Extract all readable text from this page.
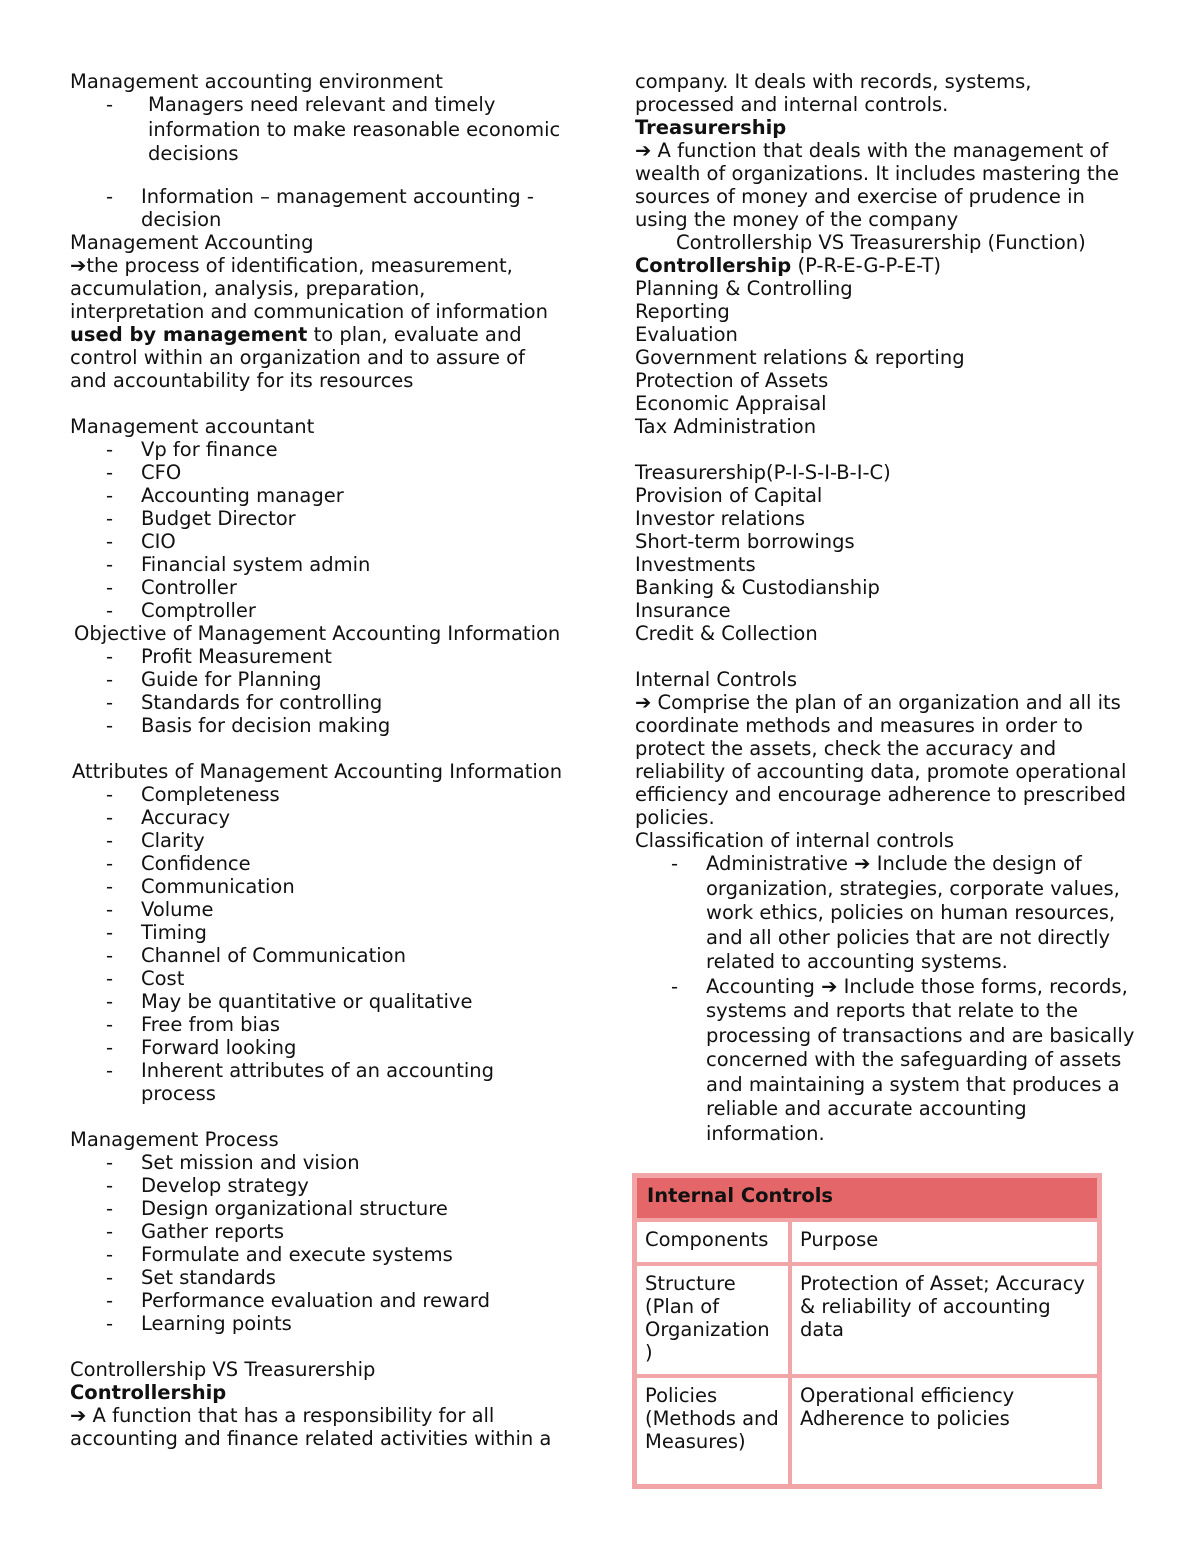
Management accounting environment
-	Managers need relevant and timely information to make reasonable economic decisions
-	Information – management accounting - decision
Management Accounting
➔the process of identification, measurement, accumulation, analysis, preparation, interpretation and communication of information used by management to plan, evaluate and control within an organization and to assure of and accountability for its resources
Management accountant
-	Vp for finance
-	CFO
-	Accounting manager
-	Budget Director
-	CIO
-	Financial system admin
-	Controller
-	Comptroller
Objective of Management Accounting Information
-	Profit Measurement
-	Guide for Planning
-	Standards for controlling
-	Basis for decision making
Attributes of Management Accounting Information
-	Completeness
-	Accuracy
-	Clarity
-	Confidence
-	Communication
-	Volume
-	Timing
-	Channel of Communication
-	Cost
-	May be quantitative or qualitative
-	Free from bias
-	Forward looking
-	Inherent attributes of an accounting process
Management Process
-	Set mission and vision
-	Develop strategy
-	Design organizational structure
-	Gather reports
-	Formulate and execute systems
-	Set standards
-	Performance evaluation and reward
-	Learning points
Controllership VS Treasurership
Controllership
➔ A function that has a responsibility for all accounting and finance related activities within a
company. It deals with records, systems, processed and internal controls.
Treasurership
➔ A function that deals with the management of wealth of organizations. It includes mastering the sources of money and exercise of prudence in using the money of the company
Controllership VS Treasurership (Function)
Controllership (P-R-E-G-P-E-T)
Planning & Controlling
Reporting
Evaluation
Government relations & reporting
Protection of Assets
Economic Appraisal
Tax Administration
Treasurership(P-I-S-I-B-I-C)
Provision of Capital
Investor relations
Short-term borrowings
Investments
Banking & Custodianship
Insurance
Credit & Collection
Internal Controls
➔ Comprise the plan of an organization and all its coordinate methods and measures in order to protect the assets, check the accuracy and reliability of accounting data, promote operational efficiency and encourage adherence to prescribed policies.
Classification of internal controls
-	Administrative ➔ Include the design of organization, strategies, corporate values, work ethics, policies on human resources, and all other policies that are not directly related to accounting systems.
-	Accounting ➔ Include those forms, records, systems and reports that relate to the processing of transactions and are basically concerned with the safeguarding of assets and maintaining a system that produces a reliable and accurate accounting information.
Internal Controls	
Components	Purpose
Structure (Plan of Organization )	Protection of Asset; Accuracy & reliability of accounting data
Policies (Methods and Measures)	Operational efficiency Adherence to policies
